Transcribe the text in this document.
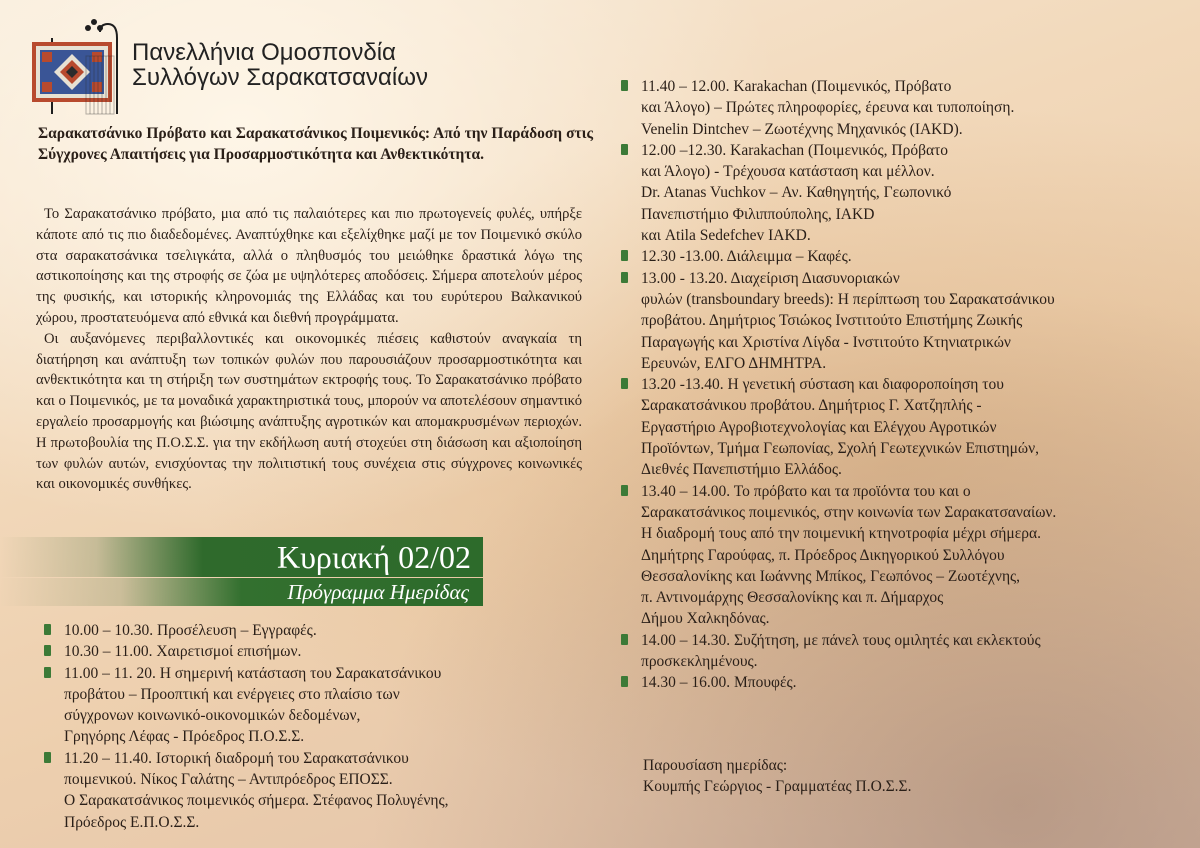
Πανελλήνια Ομοσπονδία
Συλλόγων Σαρακατσαναίων
Σαρακατσάνικο Πρόβατο και Σαρακατσάνικος Ποιμενικός: Από την Παράδοση στις Σύγχρονες Απαιτήσεις για Προσαρμοστικότητα και Ανθεκτικότητα.

Το Σαρακατσάνικο πρόβατο, μια από τις παλαιότερες και πιο πρωτογενείς φυλές, υπήρξε κάποτε από τις πιο διαδεδομένες. Αναπτύχθηκε και εξελίχθηκε μαζί με τον Ποιμενικό σκύλο στα σαρακατσάνικα τσελιγκάτα, αλλά ο πληθυσμός του μειώθηκε δραστικά λόγω της αστικοποίησης και της στροφής σε ζώα με υψηλότερες αποδόσεις. Σήμερα αποτελούν μέρος της φυσικής, και ιστορικής κληρονομιάς της Ελλάδας και του ευρύτερου Βαλκανικού χώρου, προστατευόμενα από εθνικά και διεθνή προγράμματα.

Οι αυξανόμενες περιβαλλοντικές και οικονομικές πιέσεις καθιστούν αναγκαία τη διατήρηση και ανάπτυξη των τοπικών φυλών που παρουσιάζουν προσαρμοστικότητα και ανθεκτικότητα και τη στήριξη των συστημάτων εκτροφής τους. Το Σαρακατσάνικο πρόβατο και ο Ποιμενικός, με τα μοναδικά χαρακτηριστικά τους, μπορούν να αποτελέσουν σημαντικό εργαλείο προσαρμογής και βιώσιμης ανάπτυξης αγροτικών και απομακρυσμένων περιοχών. Η πρωτοβουλία της Π.Ο.Σ.Σ. για την εκδήλωση αυτή στοχεύει στη διάσωση και αξιοποίηση των φυλών αυτών, ενισχύοντας την πολιτιστική τους συνέχεια στις σύγχρονες κοινωνικές και οικονομικές συνθήκες.

Κυριακή 02/02
Πρόγραμμα Ημερίδας
10.00 – 10.30. Προσέλευση – Εγγραφές.
10.30 – 11.00. Χαιρετισμοί επισήμων.
11.00 – 11. 20. Η σημερινή κατάσταση του Σαρακατσάνικου
προβάτου – Προοπτική και ενέργειες στο πλαίσιο των
σύγχρονων κοινωνικό-οικονομικών δεδομένων,
Γρηγόρης Λέφας - Πρόεδρος Π.Ο.Σ.Σ.
11.20 – 11.40. Ιστορική διαδρομή του Σαρακατσάνικου
ποιμενικού. Νίκος Γαλάτης – Αντιπρόεδρος ΕΠΟΣΣ.
Ο Σαρακατσάνικος ποιμενικός σήμερα. Στέφανος Πολυγένης,
Πρόεδρος Ε.Π.Ο.Σ.Σ.
11.40 – 12.00. Karakachan (Ποιμενικός, Πρόβατο
και Άλογο) – Πρώτες πληροφορίες, έρευνα και τυποποίηση.
Venelin Dintchev – Ζωοτέχνης Μηχανικός (IAKD).
12.00 –12.30. Karakachan (Ποιμενικός, Πρόβατο
και Άλογο) - Τρέχουσα κατάσταση και μέλλον.
Dr. Atanas Vuchkov – Αν. Καθηγητής, Γεωπονικό
Πανεπιστήμιο Φιλιππούπολης, IAKD
και Atila Sedefchev IAKD.
12.30 -13.00. Διάλειμμα – Καφές.
13.00 - 13.20. Διαχείριση Διασυνοριακών
φυλών (transboundary breeds): Η περίπτωση του Σαρακατσάνικου
προβάτου. Δημήτριος Τσιώκος Ινστιτούτο Επιστήμης Ζωικής
Παραγωγής και Χριστίνα Λίγδα - Ινστιτούτο Κτηνιατρικών
Ερευνών, ΕΛΓΟ ΔΗΜΗΤΡΑ.
13.20 -13.40. Η γενετική σύσταση και διαφοροποίηση του
Σαρακατσάνικου προβάτου. Δημήτριος Γ. Χατζηπλής -
Εργαστήριο Αγροβιοτεχνολογίας και Ελέγχου Αγροτικών
Προϊόντων, Τμήμα Γεωπονίας, Σχολή Γεωτεχνικών Επιστημών,
Διεθνές Πανεπιστήμιο Ελλάδος.
13.40 – 14.00. Το πρόβατο και τα προϊόντα του και ο
Σαρακατσάνικος ποιμενικός, στην κοινωνία των Σαρακατσαναίων.
Η διαδρομή τους από την ποιμενική κτηνοτροφία μέχρι σήμερα.
Δημήτρης Γαρούφας, π. Πρόεδρος Δικηγορικού Συλλόγου
Θεσσαλονίκης και Ιωάννης Μπίκος, Γεωπόνος – Ζωοτέχνης,
π. Αντινομάρχης Θεσσαλονίκης και π. Δήμαρχος
Δήμου Χαλκηδόνας.
14.00 – 14.30. Συζήτηση, με πάνελ τους ομιλητές και εκλεκτούς
προσκεκλημένους.
14.30 – 16.00. Μπουφές.
Παρουσίαση ημερίδας:
Κουμπής Γεώργιος - Γραμματέας Π.Ο.Σ.Σ.
